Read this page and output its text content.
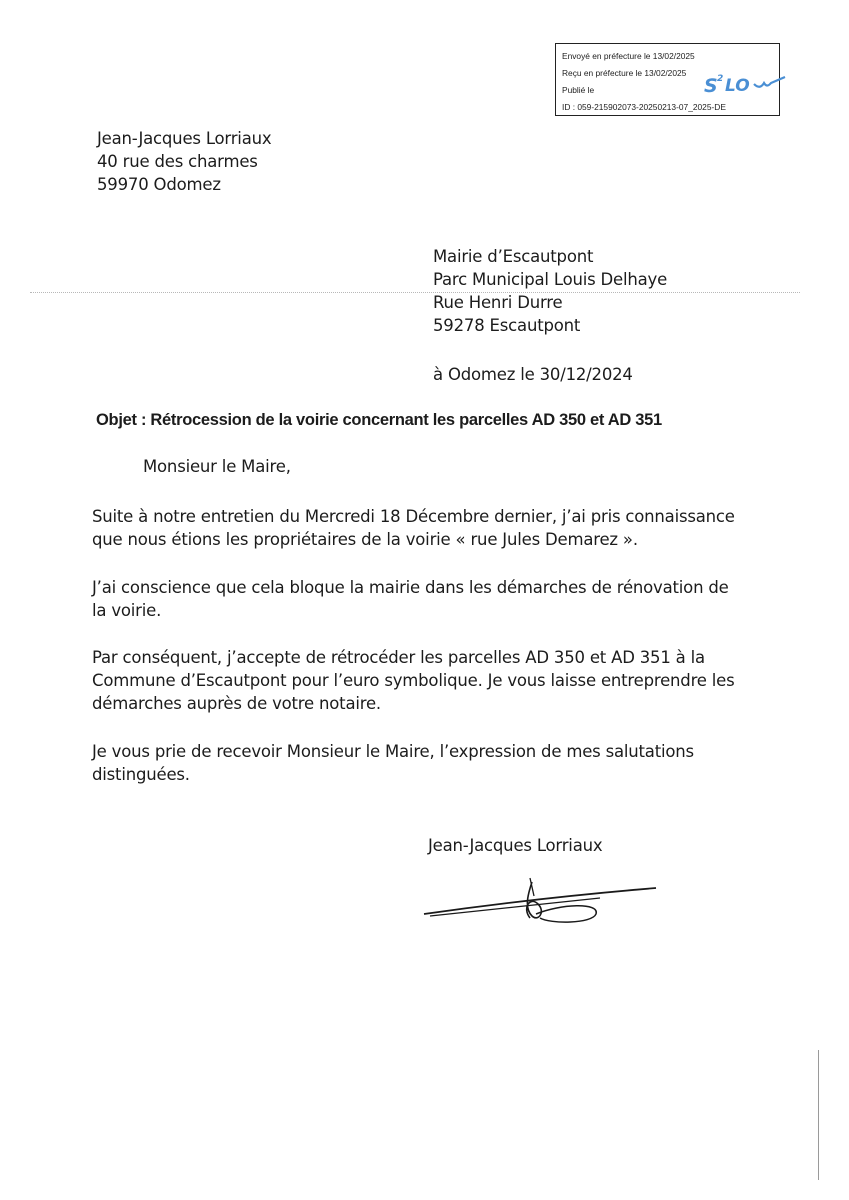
Envoyé en préfecture le 13/02/2025
Reçu en préfecture le 13/02/2025
Publié le
ID : 059-215902073-20250213-07_2025-DE
S 2 LO
Jean-Jacques Lorriaux
40 rue des charmes
59970 Odomez
Mairie d’Escautpont
Parc Municipal Louis Delhaye
Rue Henri Durre
59278 Escautpont
à Odomez le 30/12/2024
Objet : Rétrocession de la voirie concernant les parcelles AD 350 et AD 351
Monsieur le Maire,
Suite à notre entretien du Mercredi 18 Décembre dernier, j’ai pris connaissance
que nous étions les propriétaires de la voirie « rue Jules Demarez ».
J’ai conscience que cela bloque la mairie dans les démarches de rénovation de
la voirie.
Par conséquent, j’accepte de rétrocéder les parcelles AD 350 et AD 351 à la
Commune d’Escautpont pour l’euro symbolique. Je vous laisse entreprendre les
démarches auprès de votre notaire.
Je vous prie de recevoir Monsieur le Maire, l’expression de mes salutations
distinguées.
Jean-Jacques Lorriaux
